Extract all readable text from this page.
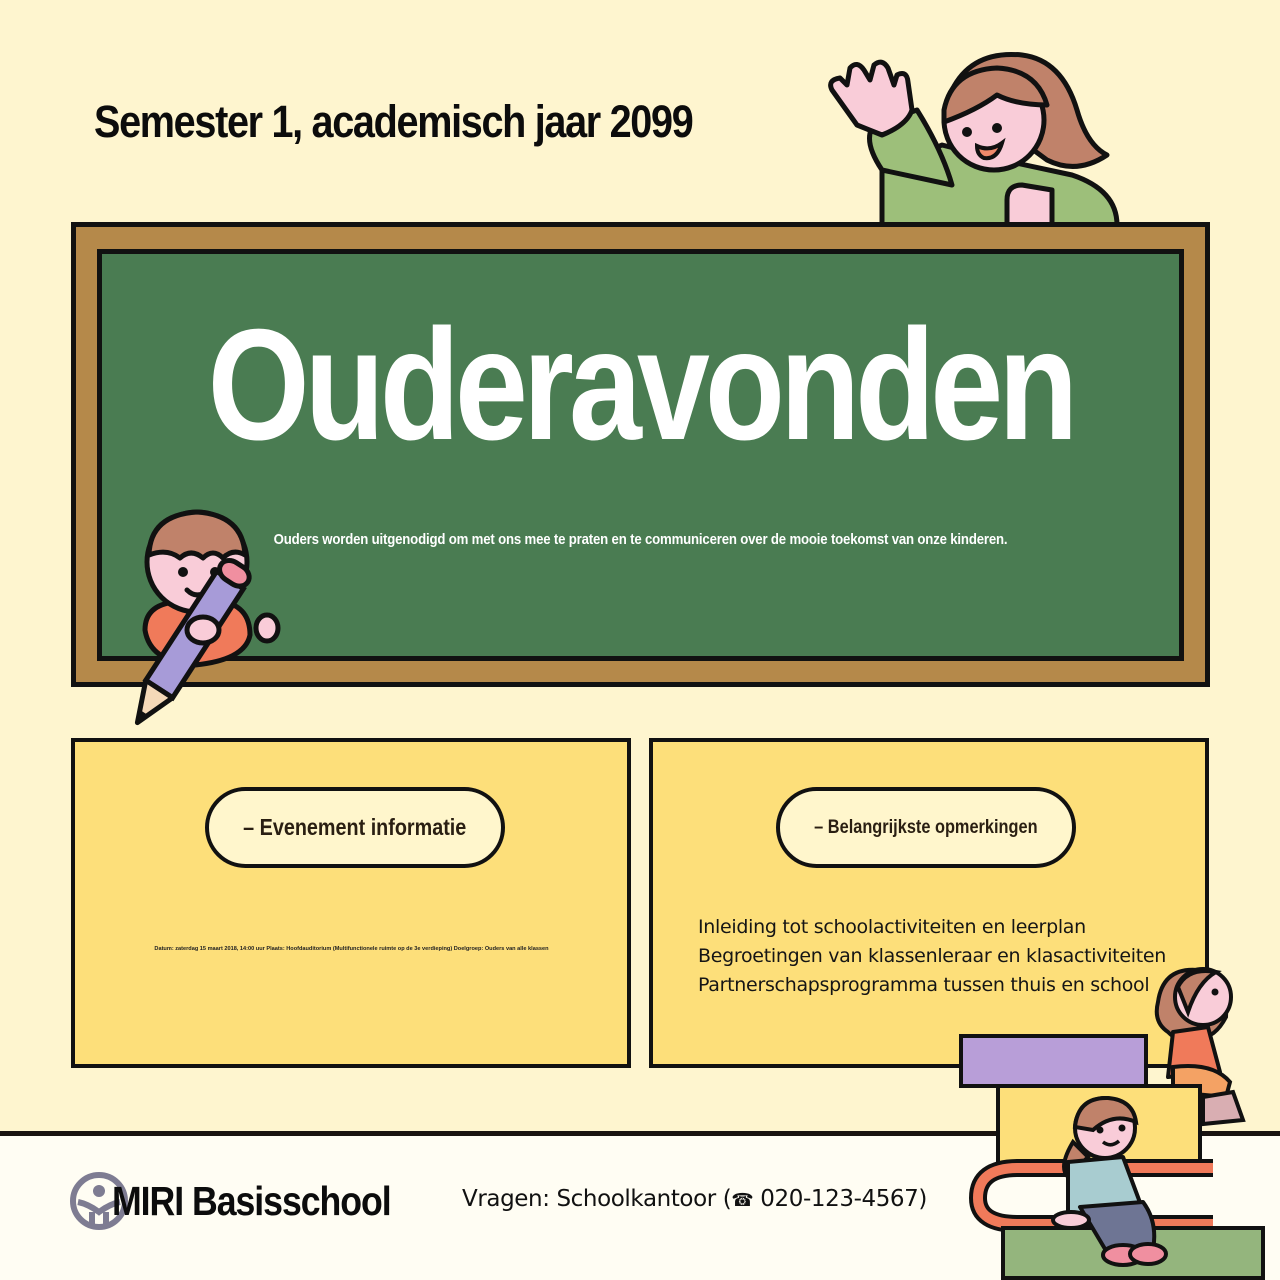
Semester 1, academisch jaar 2099
Ouderavonden
Ouders worden uitgenodigd om met ons mee te praten en te communiceren over de mooie toekomst van onze kinderen.
– Evenement informatie
Datum: zaterdag 15 maart 2018, 14:00 uur Plaats: Hoofdauditorium (Multifunctionele ruimte op de 3e verdieping) Doelgroep: Ouders van alle klassen
– Belangrijkste opmerkingen
Inleiding tot schoolactiviteiten en leerplan
Begroetingen van klassenleraar en klasactiviteiten
Partnerschapsprogramma tussen thuis en school
MIRI Basisschool	Vragen: Schoolkantoor (☎ 020-123-4567)
